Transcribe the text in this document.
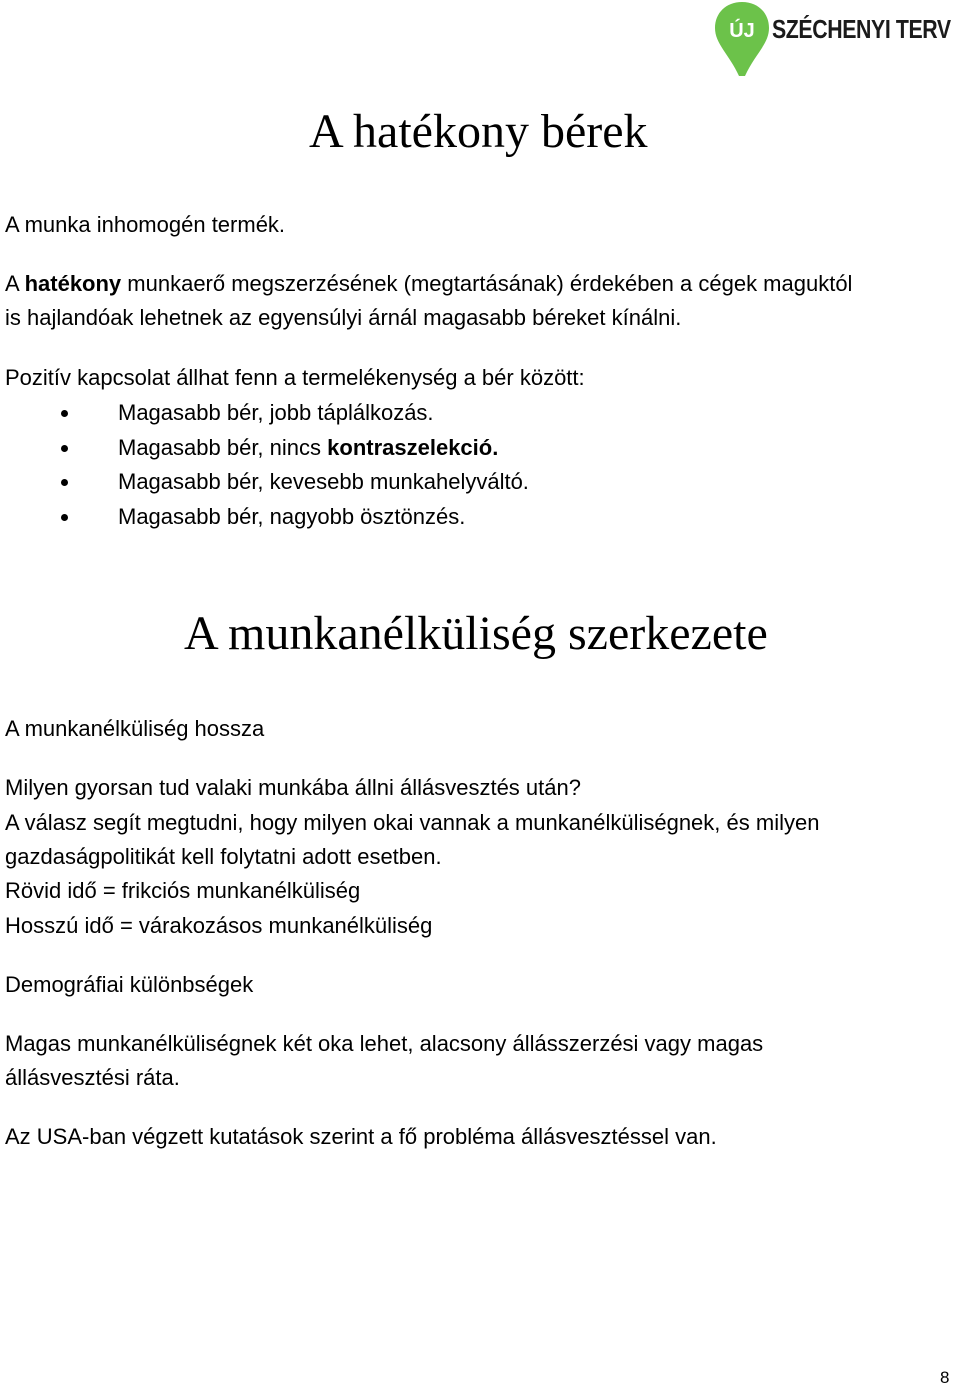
ÚJ SZÉCHENYI TERV
A hatékony bérek
A munka inhomogén termék.
A hatékony munkaerő megszerzésének (megtartásának) érdekében a cégek maguktól
is hajlandóak lehetnek az egyensúlyi árnál magasabb béreket kínálni.
Pozitív kapcsolat állhat fenn a termelékenység a bér között:
Magasabb bér, jobb táplálkozás.
Magasabb bér, nincs kontraszelekció.
Magasabb bér, kevesebb munkahelyváltó.
Magasabb bér, nagyobb ösztönzés.
A munkanélküliség szerkezete
A munkanélküliség hossza
Milyen gyorsan tud valaki munkába állni állásvesztés után?
A válasz segít megtudni, hogy milyen okai vannak a munkanélküliségnek, és milyen
gazdaságpolitikát kell folytatni adott esetben.
Rövid idő = frikciós munkanélküliség
Hosszú idő = várakozásos munkanélküliség
Demográfiai különbségek
Magas munkanélküliségnek két oka lehet, alacsony állásszerzési vagy magas
állásvesztési ráta.
Az USA-ban végzett kutatások szerint a fő probléma állásvesztéssel van.
8
